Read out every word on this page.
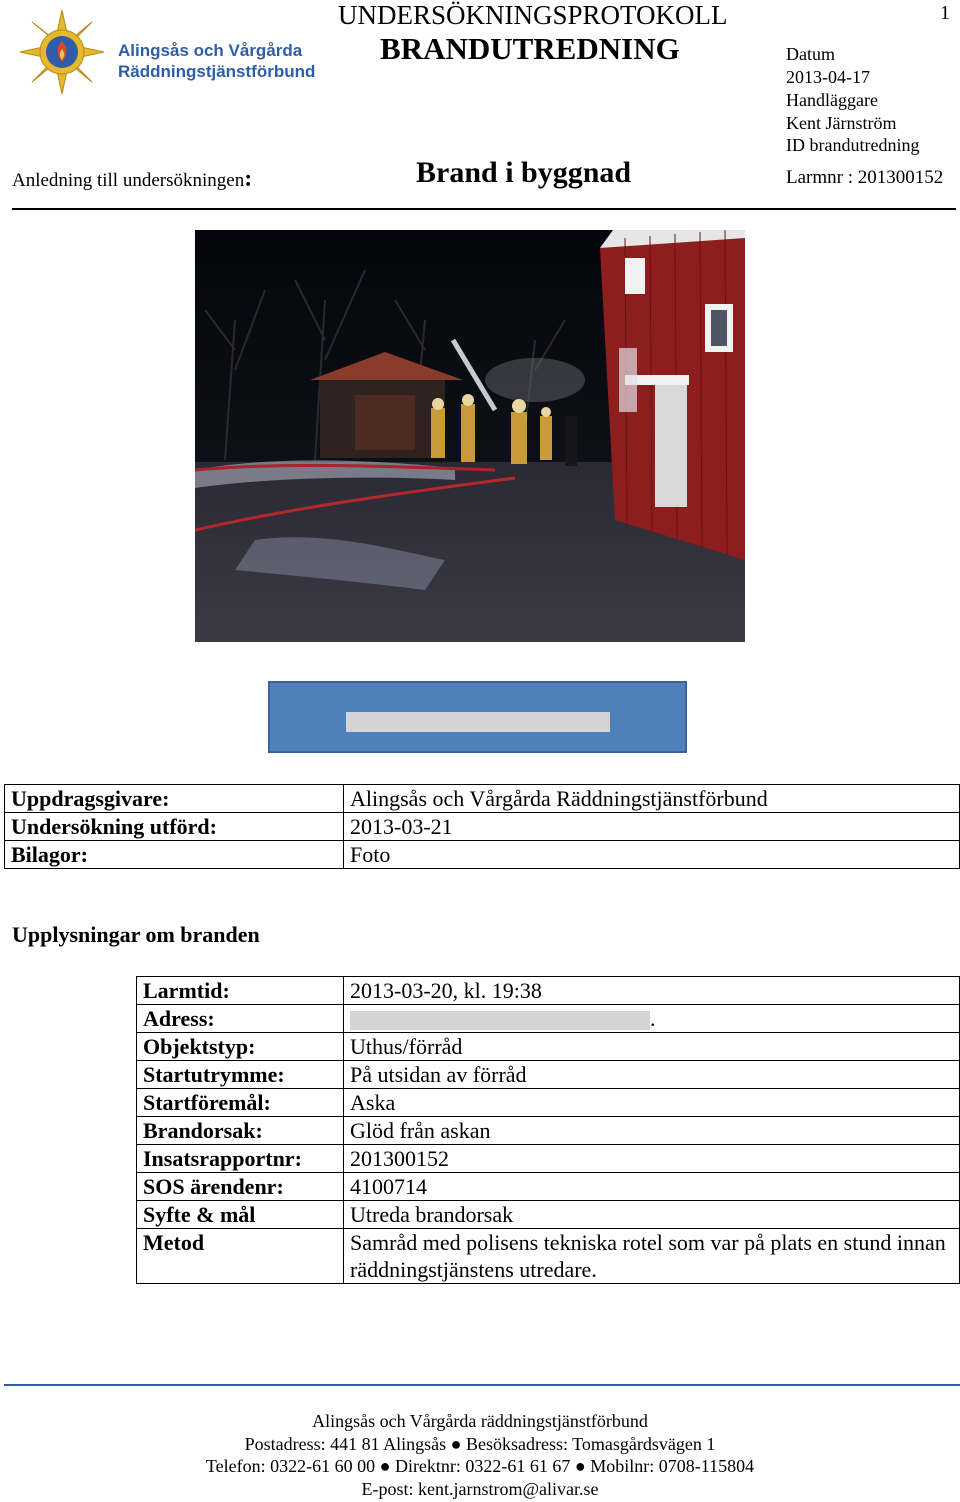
Alingsås och Vårgårda
Räddningstjänstförbund
UNDERSÖKNINGSPROTOKOLL
BRANDUTREDNING
1
Datum
2013-04-17
Handläggare
Kent Järnström
ID brandutredning
Anledning till undersökningen:	Brand i byggnad	Larmnr : 201300152
Uppdragsgivare:	Alingsås och Vårgårda Räddningstjänstförbund
Undersökning utförd:	2013-03-21
Bilagor:	Foto
Upplysningar om branden
Larmtid:	2013-03-20, kl. 19:38
Adress:	.
Objektstyp:	Uthus/förråd
Startutrymme:	På utsidan av förråd
Startföremål:	Aska
Brandorsak:	Glöd från askan
Insatsrapportnr:	201300152
SOS ärendenr:	4100714
Syfte & mål	Utreda brandorsak
Metod	Samråd med polisens tekniska rotel som var på plats en stund innan räddningstjänstens utredare.
Alingsås och Vårgårda räddningstjänstförbund
Postadress: 441 81 Alingsås ● Besöksadress: Tomasgårdsvägen 1
Telefon: 0322-61 60 00 ● Direktnr: 0322-61 61 67 ● Mobilnr: 0708-115804
E-post: kent.jarnstrom@alivar.se
